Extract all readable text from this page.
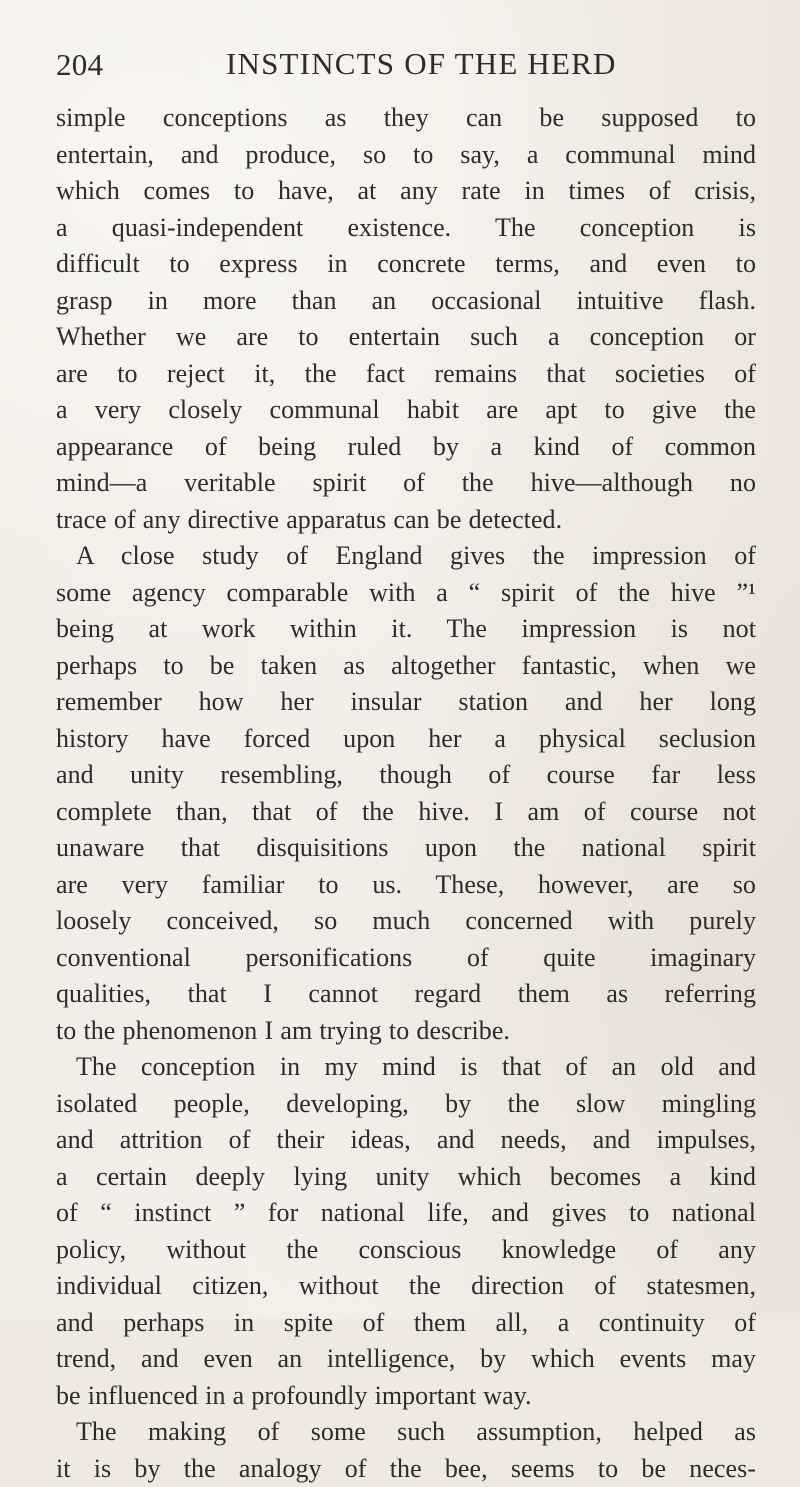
204	INSTINCTS OF THE HERD
simple conceptions as they can be supposed to
entertain, and produce, so to say, a communal mind
which comes to have, at any rate in times of crisis,
a quasi-independent existence. The conception is
difficult to express in concrete terms, and even to
grasp in more than an occasional intuitive flash.
Whether we are to entertain such a conception or
are to reject it, the fact remains that societies of
a very closely communal habit are apt to give the
appearance of being ruled by a kind of common
mind—a veritable spirit of the hive—although no
trace of any directive apparatus can be detected.
A close study of England gives the impression of
some agency comparable with a “ spirit of the hive ”¹
being at work within it. The impression is not
perhaps to be taken as altogether fantastic, when we
remember how her insular station and her long
history have forced upon her a physical seclusion
and unity resembling, though of course far less
complete than, that of the hive. I am of course not
unaware that disquisitions upon the national spirit
are very familiar to us. These, however, are so
loosely conceived, so much concerned with purely
conventional personifications of quite imaginary
qualities, that I cannot regard them as referring
to the phenomenon I am trying to describe.
The conception in my mind is that of an old and
isolated people, developing, by the slow mingling
and attrition of their ideas, and needs, and impulses,
a certain deeply lying unity which becomes a kind
of “ instinct ” for national life, and gives to national
policy, without the conscious knowledge of any
individual citizen, without the direction of statesmen,
and perhaps in spite of them all, a continuity of
trend, and even an intelligence, by which events may
be influenced in a profoundly important way.
The making of some such assumption, helped as
it is by the analogy of the bee, seems to be neces-
